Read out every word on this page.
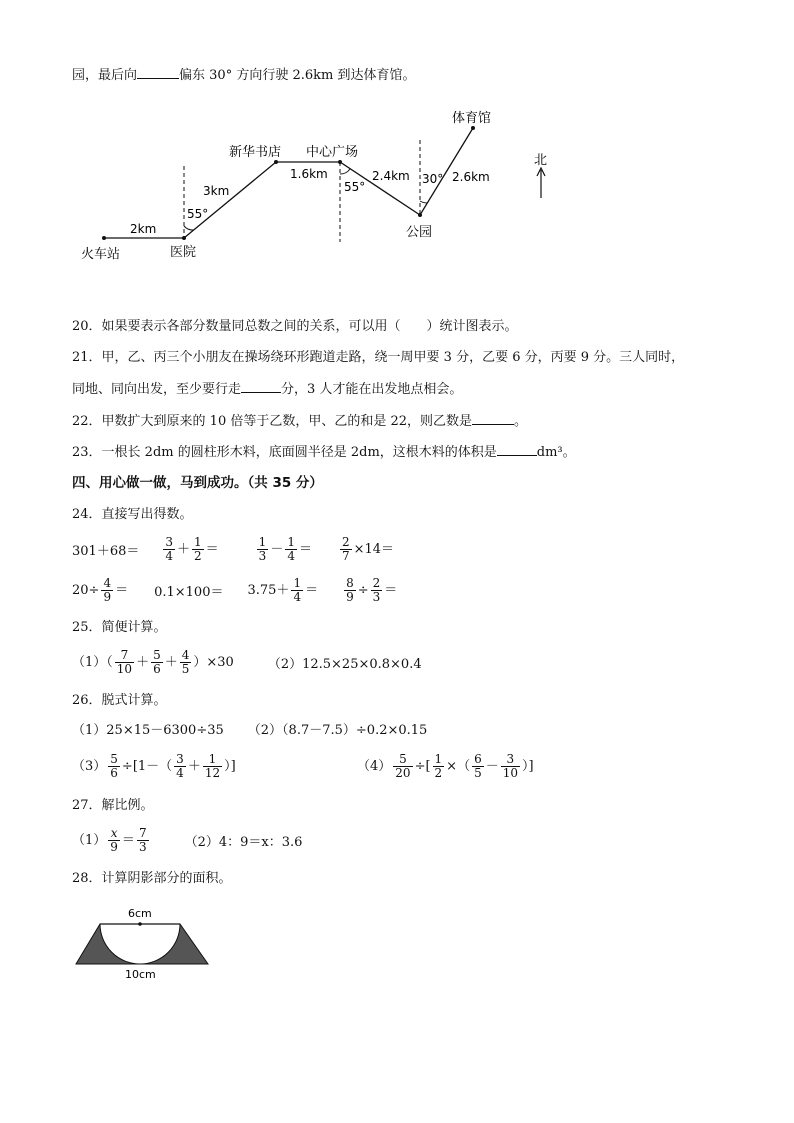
园，最后向	偏东 30° 方向行驶 2.6km 到达体育馆。
火车站	医院
新华书店 中心广场
公园
体育馆
北
2km
3km
1.6km	2.4km	2.6km
55°
55°
30°
20．如果要表示各部分数量同总数之间的关系，可以用（　　）统计图表示。
21．甲，乙、丙三个小朋友在操场绕环形跑道走路，绕一周甲要 3 分，乙要 6 分，丙要 9 分。三人同时，
同地、同向出发，至少要行走	分，3 人才能在出发地点相会。
22．甲数扩大到原来的 10 倍等于乙数，甲、乙的和是 22，则乙数是	。
23．一根长 2dm 的圆柱形木料，底面圆半径是 2dm，这根木料的体积是	dm³。
四、用心做一做，马到成功。（共 35 分）
24．直接写出得数。
$301+68= \frac{3}{4} + \frac{1}{2}$ ＝	$\frac{1}{3} - \frac{1}{4} = \frac{2}{7} \times 14=$
$20\div \frac{4}{9} = 0.1\times 100= 3.75+ \frac{1}{4} = \frac{8}{9} \div \frac{2}{3}$ ＝
25．简便计算。
$(1)( \frac{7}{10} + \frac{5}{6} + \frac{4}{5} )\times 30$	（2）12.5×25×0.8×0.4
26．脱式计算。
（1）25×15－6300÷35 （2）（8.7－7.5）÷0.2×0.15
$(3) \frac{5}{6} \div[1-( \frac{3}{4} + \frac{1}{12}$ ）]	$(4) \frac{5}{20}$ ÷[ $\frac{1}{2}$ ×（ $\frac{6}{5} - \frac{3}{10}$ ）]
27．解比例。
$(1) \frac{x}{9} = \frac{7}{3}$	（2）4：9＝x：3.6
28．计算阴影部分的面积。
6cm
10cm
